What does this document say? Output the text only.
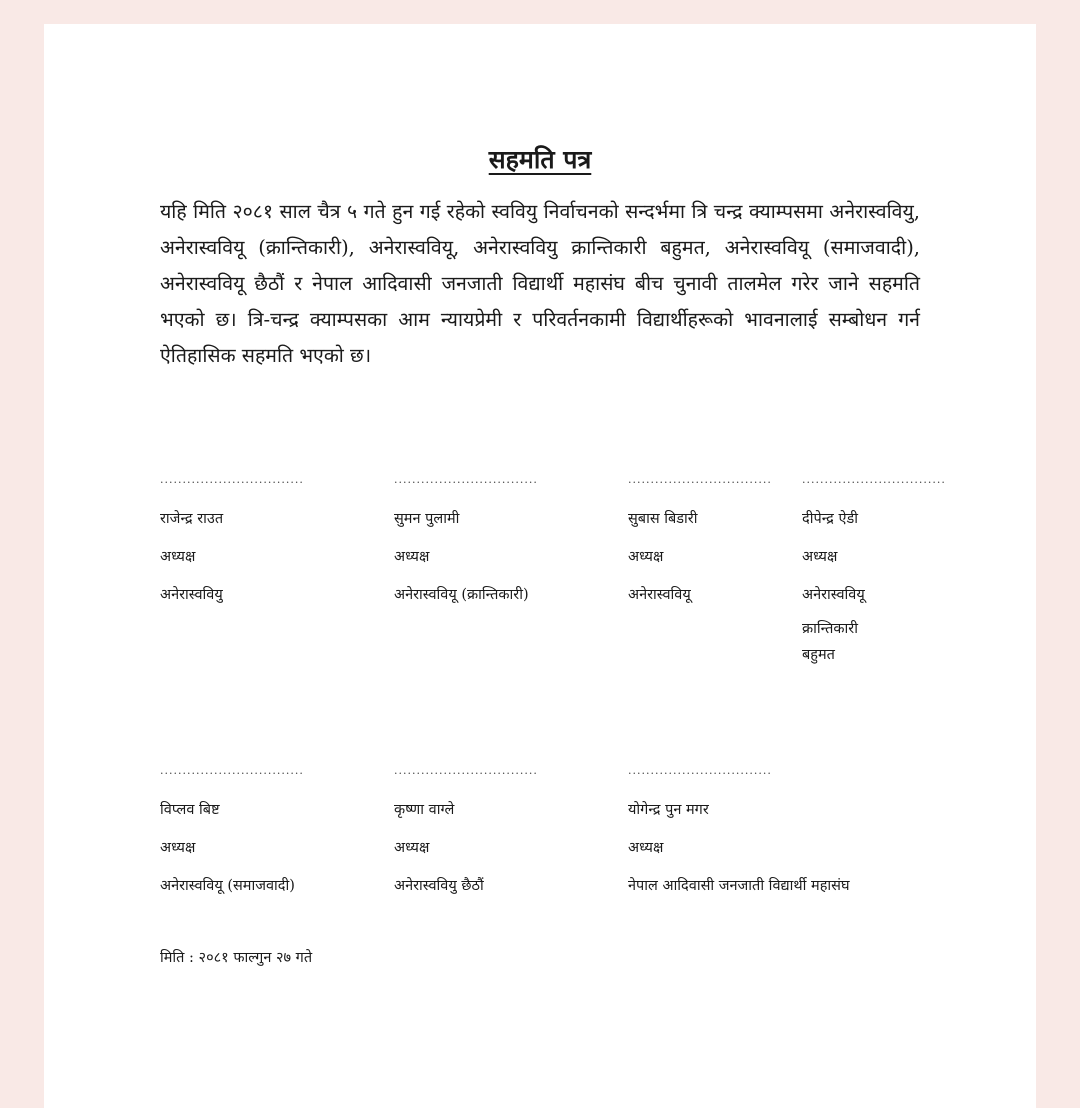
सहमति पत्र

यहि मिति २०८१ साल चैत्र ५ गते हुन गई रहेको स्ववियु निर्वाचनको सन्दर्भमा त्रि चन्द्र क्याम्पसमा अनेरास्ववियु, अनेरास्ववियू (क्रान्तिकारी), अनेरास्ववियू, अनेरास्ववियु क्रान्तिकारी बहुमत, अनेरास्ववियू (समाजवादी), अनेरास्ववियू छैठौं र नेपाल आदिवासी जनजाती विद्यार्थी महासंघ बीच चुनावी तालमेल गरेर जाने सहमति भएको छ। त्रि-चन्द्र क्याम्पसका आम न्यायप्रेमी र परिवर्तनकामी विद्यार्थीहरूको भावनालाई सम्बोधन गर्न ऐतिहासिक सहमति भएको छ।

................................
राजेन्द्र राउत
अध्यक्ष
अनेरास्ववियु
................................
सुमन पुलामी
अध्यक्ष
अनेरास्ववियू (क्रान्तिकारी)
................................
सुबास बिडारी
अध्यक्ष
अनेरास्ववियू
................................
दीपेन्द्र ऐडी
अध्यक्ष
अनेरास्ववियू
क्रान्तिकारी बहुमत
................................
विप्लव बिष्ट
अध्यक्ष
अनेरास्ववियू (समाजवादी)
................................
कृष्णा वाग्ले
अध्यक्ष
अनेरास्ववियु छैठौं
................................
योगेन्द्र पुन मगर
अध्यक्ष
नेपाल आदिवासी जनजाती विद्यार्थी महासंघ
मिति : २०८१ फाल्गुन २७ गते
